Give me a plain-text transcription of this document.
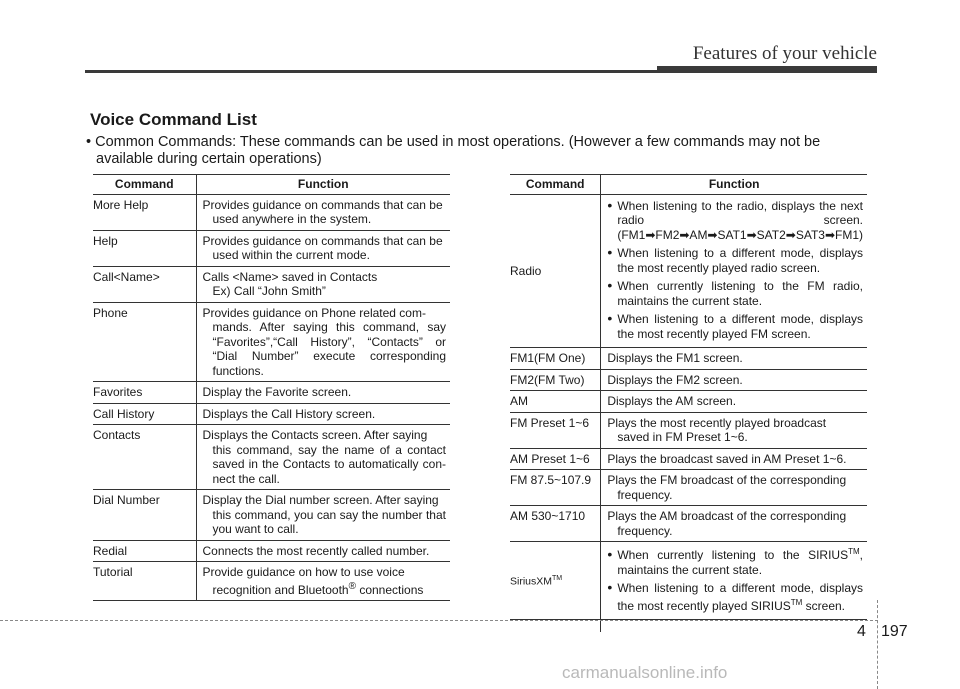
Features of your vehicle
Voice Command List
• Common Commands: These commands can be used in most operations. (However a few commands may not be
available during certain operations)
Command	Function
More Help	Provides guidance on commands that can be
used anywhere in the system.

Help	Provides guidance on commands that can be
used within the current mode.

Call<Name>	Calls <Name> saved in Contacts
Ex) Call “John Smith”

Phone	Provides guidance on Phone related com-
mands. After saying this command, say “Favorites”,“Call History”, “Contacts” or “Dial Number” execute corresponding functions.

Favorites	Display the Favorite screen.
Call History	Displays the Call History screen.
Contacts	Displays the Contacts screen. After saying
this command, say the name of a contact saved in the Contacts to automatically con-nect the call.

Dial Number	Display the Dial number screen. After saying
this command, you can say the number that you want to call.

Redial	Connects the most recently called number.
Tutorial	Provide guidance on how to use voice
recognition and Bluetooth® connections
Command	Function
Radio	• When listening to the radio, displays the next radio screen. (FM1➡FM2➡AM➡SAT1➡SAT2➡SAT3➡FM1)
• When listening to a different mode, displays the most recently played radio screen.
• When currently listening to the FM radio, maintains the current state.
• When listening to a different mode, displays the most recently played FM screen.

FM1(FM One)	Displays the FM1 screen.
FM2(FM Two)	Displays the FM2 screen.
AM	Displays the AM screen.
FM Preset 1~6	Plays the most recently played broadcast
saved in FM Preset 1~6.

AM Preset 1~6	Plays the broadcast saved in AM Preset 1~6.
FM 87.5~107.9	Plays the FM broadcast of the corresponding
frequency.

AM 530~1710	Plays the AM broadcast of the corresponding
frequency.

SiriusXM™	• When currently listening to the SIRIUS™, maintains the current state.
• When listening to a different mode, displays the most recently played SIRIUS™ screen.

4 197
carmanualsonline.info
